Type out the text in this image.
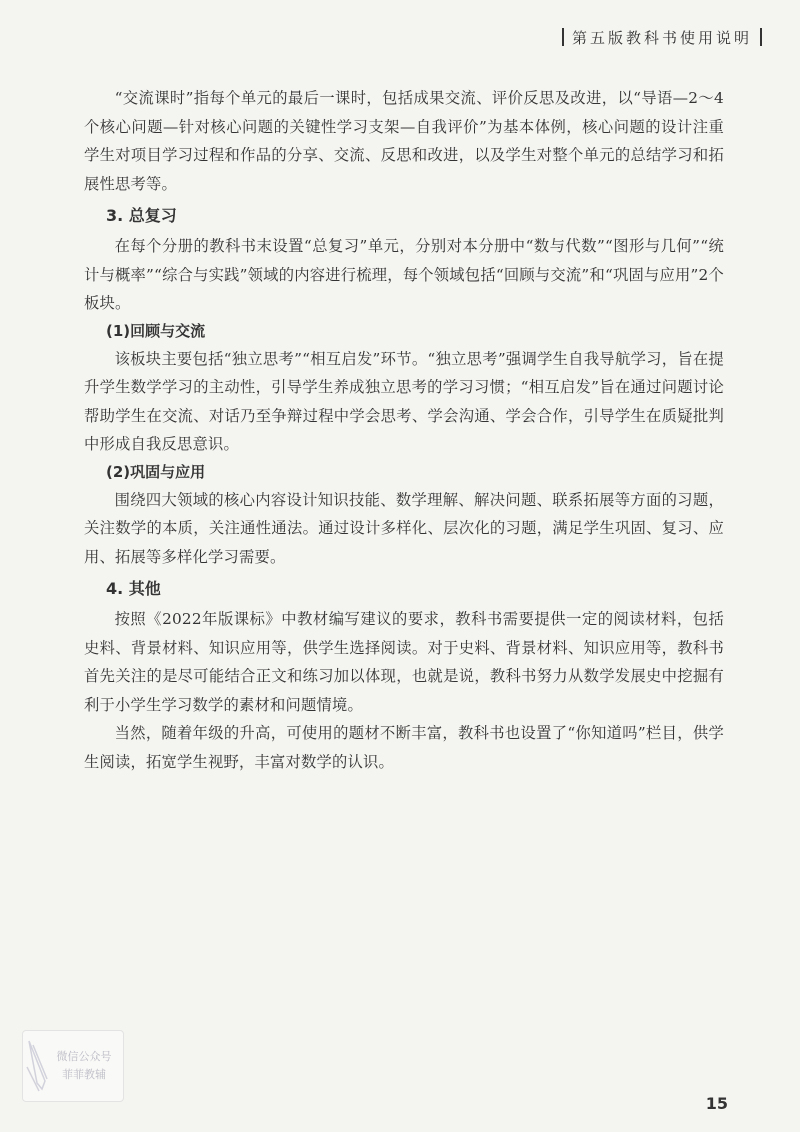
第五版教科书使用说明

“交流课时”指每个单元的最后一课时，包括成果交流、评价反思及改进，以“导语—2～4个核心问题—针对核心问题的关键性学习支架—自我评价”为基本体例，核心问题的设计注重学生对项目学习过程和作品的分享、交流、反思和改进，以及学生对整个单元的总结学习和拓展性思考等。

3. 总复习

在每个分册的教科书末设置“总复习”单元，分别对本分册中“数与代数”“图形与几何”“统计与概率”“综合与实践”领域的内容进行梳理，每个领域包括“回顾与交流”和“巩固与应用”2个板块。

(1)回顾与交流

该板块主要包括“独立思考”“相互启发”环节。“独立思考”强调学生自我导航学习，旨在提升学生数学学习的主动性，引导学生养成独立思考的学习习惯；“相互启发”旨在通过问题讨论帮助学生在交流、对话乃至争辩过程中学会思考、学会沟通、学会合作，引导学生在质疑批判中形成自我反思意识。

(2)巩固与应用

围绕四大领域的核心内容设计知识技能、数学理解、解决问题、联系拓展等方面的习题，关注数学的本质，关注通性通法。通过设计多样化、层次化的习题，满足学生巩固、复习、应用、拓展等多样化学习需要。

4. 其他

按照《2022年版课标》中教材编写建议的要求，教科书需要提供一定的阅读材料，包括史料、背景材料、知识应用等，供学生选择阅读。对于史料、背景材料、知识应用等，教科书首先关注的是尽可能结合正文和练习加以体现，也就是说，教科书努力从数学发展史中挖掘有利于小学生学习数学的素材和问题情境。

当然，随着年级的升高，可使用的题材不断丰富，教科书也设置了“你知道吗”栏目，供学生阅读，拓宽学生视野，丰富对数学的认识。

微信公众号
菲菲教辅
15
